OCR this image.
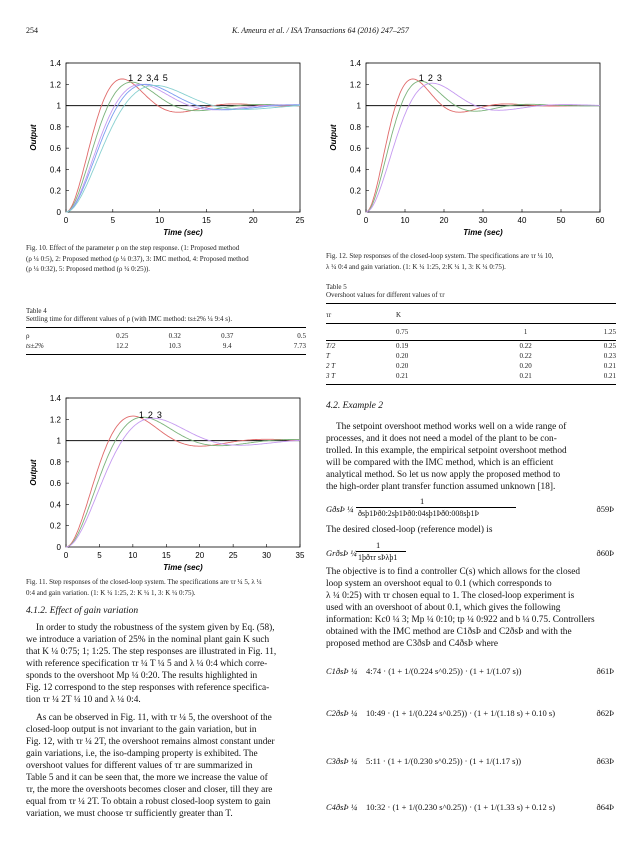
254	K. Ameura et al. / ISA Transactions 64 (2016) 247–257
0
0.2
0.4
0.6
0.8
1
1.2
1.4
0	5	10	15	20	25
Time (sec)
Output
1 2 3,4 5
0
0.2
0.4
0.6
0.8
1
1.2
1.4
0	10	20	30	40	50	60
Time (sec)
Output
1 2 3
0
0.2
0.4
0.6
0.8
1
1.2
1.4
0	5	10	15	20	25	30	35
Time (sec)
Output
1 2 3
Fig. 10. Effect of the parameter ρ on the step response. (1: Proposed method
(ρ ¼ 0:5), 2: Proposed method (ρ ¼ 0:37), 3: IMC method, 4: Proposed method
(ρ ¼ 0:32), 5: Proposed method (ρ ¼ 0:25)).
Fig. 12. Step responses of the closed-loop system. The specifications are τr ¼ 10,
λ ¼ 0:4 and gain variation. (1: K ¼ 1:25, 2:K ¼ 1, 3: K ¼ 0:75).
Fig. 11. Step responses of the closed-loop system. The specifications are τr ¼ 5, λ ¼
0:4 and gain variation. (1: K ¼ 1:25, 2: K ¼ 1, 3: K ¼ 0:75).
Table 4
Settling time for different values of ρ (with IMC method: ts±2% ¼ 9:4 s).
ρ	0.25	0.32	0.37	0.5
ts±2%	12.2	10.3	9.4	7.73
Table 5
Overshoot values for different values of τr
τr	K		
	0.75	1	1.25
T/2	0.19	0.22	0.25
T	0.20	0.22	0.23
2 T	0.20	0.20	0.21
3 T	0.21	0.21	0.21
4.1.2. Effect of gain variation
In order to study the robustness of the system given by Eq. (58),
we introduce a variation of 25% in the nominal plant gain K such
that K ¼ 0:75; 1; 1:25. The step responses are illustrated in Fig. 11,
with reference specification τr ¼ T ¼ 5 and λ ¼ 0:4 which corre-
sponds to the overshoot Mp ¼ 0:20. The results highlighted in
Fig. 12 correspond to the step responses with reference specifica-
tion τr ¼ 2T ¼ 10 and λ ¼ 0:4.
As can be observed in Fig. 11, with τr ¼ 5, the overshoot of the
closed-loop output is not invariant to the gain variation, but in
Fig. 12, with τr ¼ 2T, the overshoot remains almost constant under
gain variations, i.e, the iso-damping property is exhibited. The
overshoot values for different values of τr are summarized in
Table 5 and it can be seen that, the more we increase the value of
τr, the more the overshoots becomes closer and closer, till they are
equal from τr ¼ 2T. To obtain a robust closed-loop system to gain
variation, we must choose τr sufficiently greater than T.
4.2. Example 2
The setpoint overshoot method works well on a wide range of
processes, and it does not need a model of the plant to be con-
trolled. In this example, the empirical setpoint overshoot method
will be compared with the IMC method, which is an efficient
analytical method. So let us now apply the proposed method to
the high-order plant transfer function assumed unknown [18].
GðsÞ ¼
1
ðsþ1Þð0:2sþ1Þð0:04sþ1Þð0:008sþ1Þ	ð59Þ
The desired closed-loop (reference model) is
GrðsÞ ¼
1
1þðτr sÞλþ1	ð60Þ
The objective is to find a controller C(s) which allows for the closed
loop system an overshoot equal to 0.1 (which corresponds to
λ ¼ 0:25) with τr chosen equal to 1. The closed-loop experiment is
used with an overshoot of about 0.1, which gives the following
information: Kc0 ¼ 3; Mp ¼ 0:10; tp ¼ 0:922 and b ¼ 0.75. Controllers
obtained with the IMC method are C1ðsÞ and C2ðsÞ and with the
proposed method are C3ðsÞ and C4ðsÞ where
C1ðsÞ ¼ 4:74 · (1 + 1/(0.224 s^0.25)) · (1 + 1/(1.07 s))	ð61Þ
C2ðsÞ ¼ 10:49 · (1 + 1/(0.224 s^0.25)) · (1 + 1/(1.18 s) + 0.10 s)	ð62Þ
C3ðsÞ ¼ 5:11 · (1 + 1/(0.230 s^0.25)) · (1 + 1/(1.17 s))	ð63Þ
C4ðsÞ ¼ 10:32 · (1 + 1/(0.230 s^0.25)) · (1 + 1/(1.33 s) + 0.12 s)	ð64Þ
